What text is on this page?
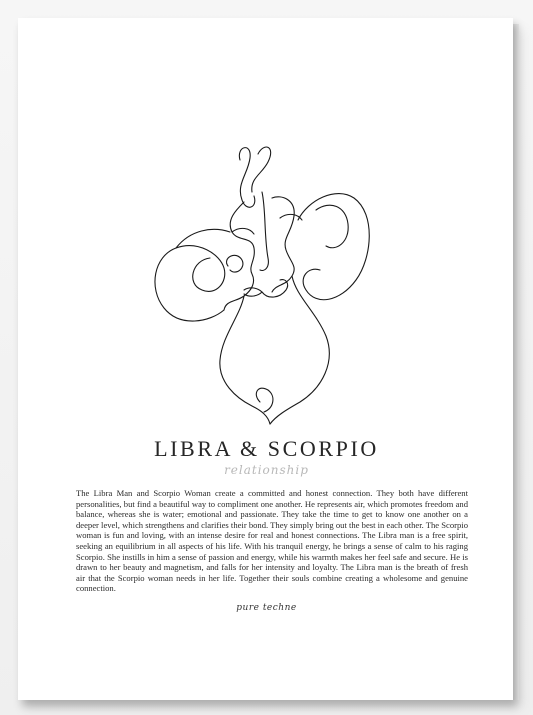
LIBRA & SCORPIO
relationship

The Libra Man and Scorpio Woman create a committed and honest connection. They both have different personalities, but find a beautiful way to compliment one another. He represents air, which promotes freedom and balance, whereas she is water; emotional and passionate. They take the time to get to know one another on a deeper level, which strengthens and clarifies their bond. They simply bring out the best in each other. The Scorpio woman is fun and loving, with an intense desire for real and honest connections. The Libra man is a free spirit, seeking an equilibrium in all aspects of his life. With his tranquil energy, he brings a sense of calm to his raging Scorpio. She instills in him a sense of passion and energy, while his warmth makes her feel safe and secure. He is drawn to her beauty and magnetism, and falls for her intensity and loyalty. The Libra man is the breath of fresh air that the Scorpio woman needs in her life. Together their souls combine creating a wholesome and genuine connection.

pure techne
